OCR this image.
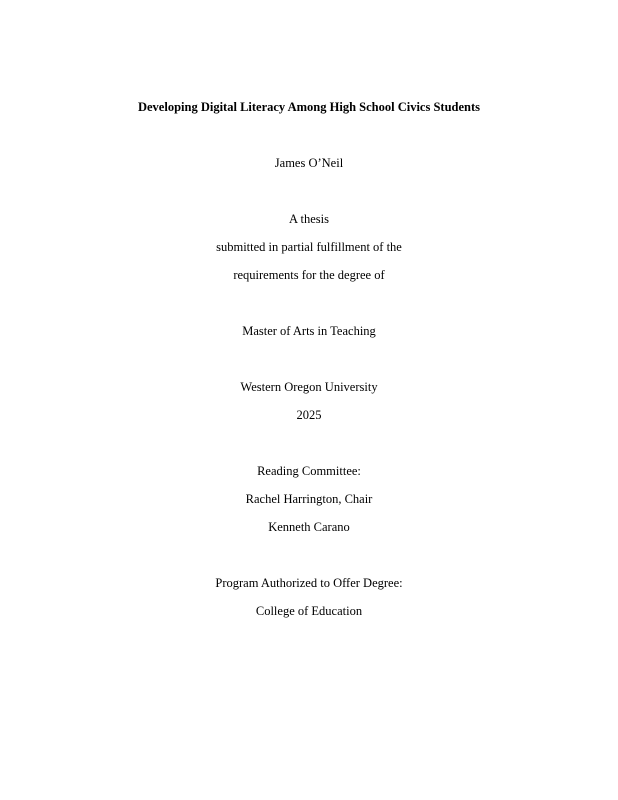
Developing Digital Literacy Among High School Civics Students
James O’Neil
A thesis
submitted in partial fulfillment of the
requirements for the degree of
Master of Arts in Teaching
Western Oregon University
2025
Reading Committee:
Rachel Harrington, Chair
Kenneth Carano
Program Authorized to Offer Degree:
College of Education
